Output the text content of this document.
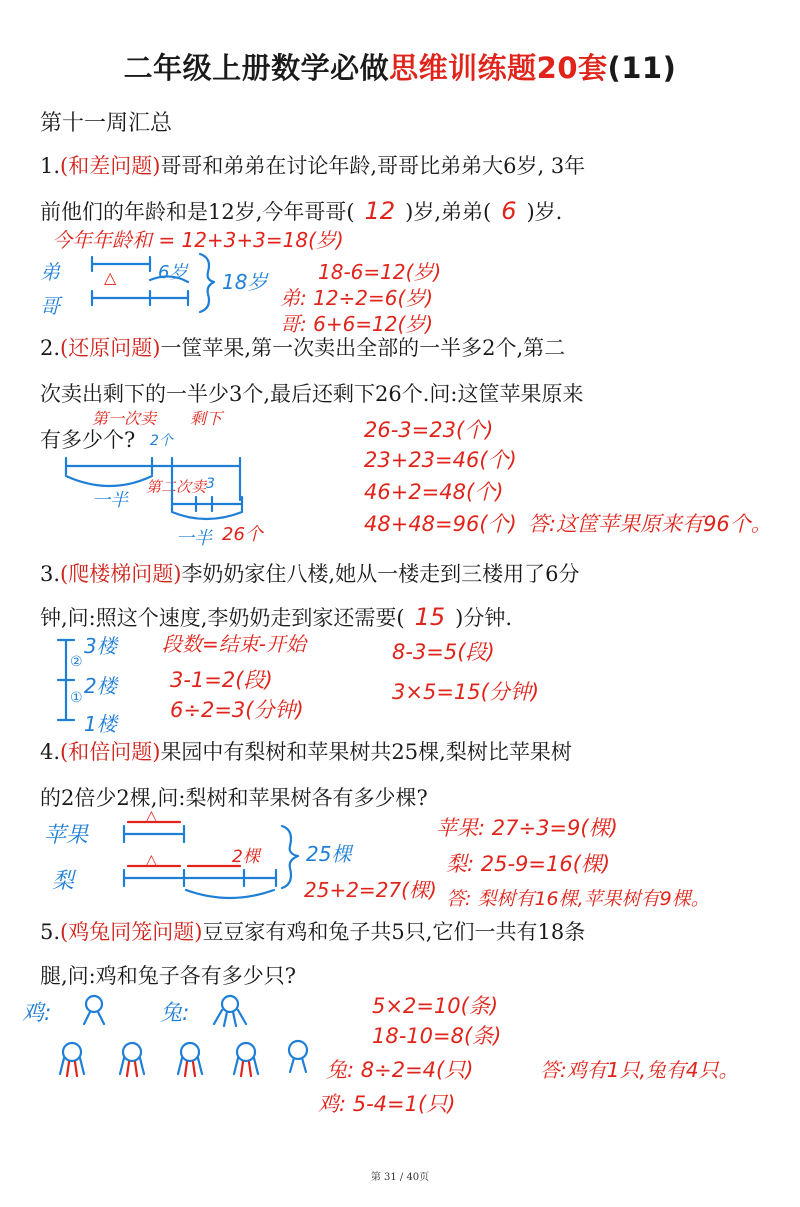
二年级上册数学必做思维训练题20套(11)
第十一周汇总
1.(和差问题)哥哥和弟弟在讨论年龄,哥哥比弟弟大6岁, 3年
前他们的年龄和是12岁,今年哥哥( 12 )岁,弟弟( 6 )岁.
今年年龄和 = 12+3+3=18(岁)
弟
哥
△ 6岁 18岁	18-6=12(岁)
弟: 12÷2=6(岁)
哥: 6+6=12(岁)
2.(还原问题)一筐苹果,第一次卖出全部的一半多2个,第二
次卖出剩下的一半少3个,最后还剩下26个.问:这筐苹果原来
有多少个?
第一次卖 剩下
2个
一半
第二次卖 3
一半 26个
26-3=23(个)
23+23=46(个)
46+2=48(个)
48+48=96(个) 答:这筐苹果原来有96个。
3.(爬楼梯问题)李奶奶家住八楼,她从一楼走到三楼用了6分
钟,问:照这个速度,李奶奶走到家还需要( 15 )分钟.
3楼
②
2楼
①
1楼
段数=结束-开始
3-1=2(段)
6÷2=3(分钟)
8-3=5(段)
3×5=15(分钟)
4.(和倍问题)果园中有梨树和苹果树共25棵,梨树比苹果树
的2倍少2棵,问:梨树和苹果树各有多少棵?
苹果
梨
△
△	2棵 25棵
25+2=27(棵)
苹果: 27÷3=9(棵)
梨: 25-9=16(棵)
答: 梨树有16棵,苹果树有9棵。
5.(鸡兔同笼问题)豆豆家有鸡和兔子共5只,它们一共有18条
腿,问:鸡和兔子各有多少只?
鸡:	兔:	5×2=10(条)
18-10=8(条)
兔: 8÷2=4(只)
鸡: 5-4=1(只)
答:鸡有1只,兔有4只。
第 31 / 40页
